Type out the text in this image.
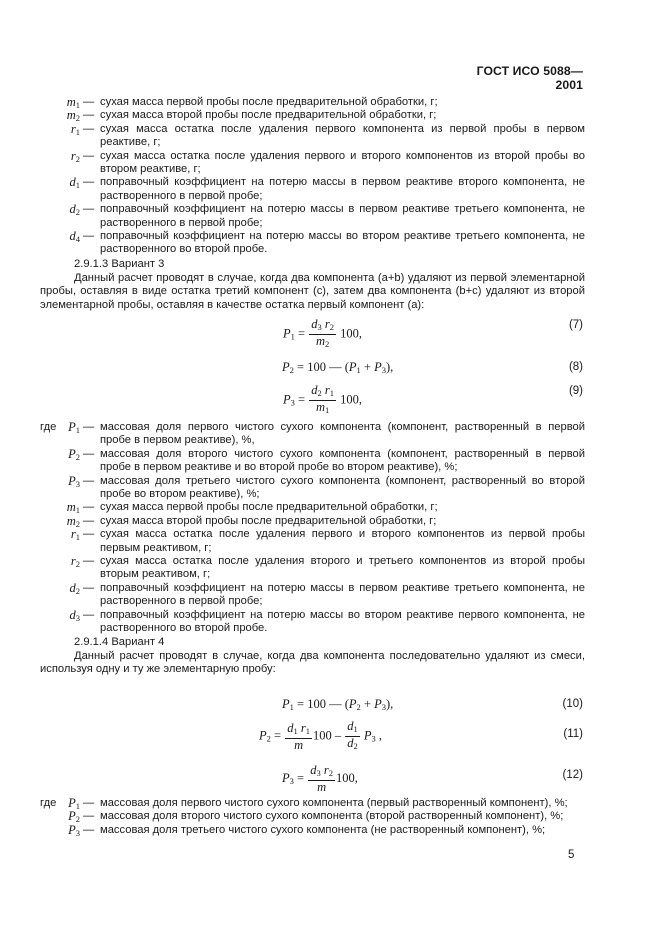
ГОСТ ИСО 5088—2001
$m_1$ — сухая масса первой пробы после предварительной обработки, г;
$m_2$ — сухая масса второй пробы после предварительной обработки, г;
$r_1$ — сухая масса остатка после удаления первого компонента из первой пробы в первом реактиве, г;
$r_2$ — сухая масса остатка после удаления первого и второго компонентов из второй пробы во втором реактиве, г;
$d_1$ — поправочный коэффициент на потерю массы в первом реактиве второго компонента, не растворенного в первой пробе;
$d_2$ — поправочный коэффициент на потерю массы в первом реактиве третьего компонента, не растворенного в первой пробе;
$d_4$ — поправочный коэффициент на потерю массы во втором реактиве третьего компонента, не растворенного во второй пробе.
2.9.1.3 Вариант 3

Данный расчет проводят в случае, когда два компонента (a+b) удаляют из первой элементарной пробы, оставляя в виде остатка третий компонент (c), затем два компонента (b+c) удаляют из второй элементарной пробы, оставляя в качестве остатка первый компонент (a):

$P_1 = \frac{d_3 r_2}{m_2} 100$,
(7)
$P_2 = 100$ — $(P_1 + P_3)$,	(8)
$P_3 = \frac{d_2 r_1}{m_1} 100$,
(9)
где $P_1$ — массовая доля первого чистого сухого компонента (компонент, растворенный в первой пробе в первом реактиве), %,
$P_2$ — массовая доля второго чистого сухого компонента (компонент, растворенный в первой пробе в первом реактиве и во второй пробе во втором реактиве), %;
$P_3$ — массовая доля третьего чистого сухого компонента (компонент, растворенный во второй пробе во втором реактиве), %;
$m_1$ — сухая масса первой пробы после предварительной обработки, г;
$m_2$ — сухая масса второй пробы после предварительной обработки, г;
$r_1$ — сухая масса остатка после удаления первого и второго компонентов из первой пробы первым реактивом, г;
$r_2$ — сухая масса остатка после удаления второго и третьего компонентов из второй пробы вторым реактивом, г;
$d_2$ — поправочный коэффициент на потерю массы в первом реактиве третьего компонента, не растворенного в первой пробе;
$d_3$ — поправочный коэффициент на потерю массы во втором реактиве первого компонента, не растворенного во второй пробе.
2.9.1.4 Вариант 4

Данный расчет проводят в случае, когда два компонента последовательно удаляют из смеси, используя одну и ту же элементарную пробу:

$P_1 = 100$ — $(P_2 + P_3)$,	(10)
$P_2 = \frac{d_1 r_1}{m} 100 - \frac{d_1}{d_2} P_3$ ,	(11)
$P_3 = \frac{d_3 r_2}{m} 100$,	(12)
где $P_1$ — массовая доля первого чистого сухого компонента (первый растворенный компонент), %;
$P_2$ — массовая доля второго чистого сухого компонента (второй растворенный компонент), %;
$P_3$ — массовая доля третьего чистого сухого компонента (не растворенный компонент), %;
5
